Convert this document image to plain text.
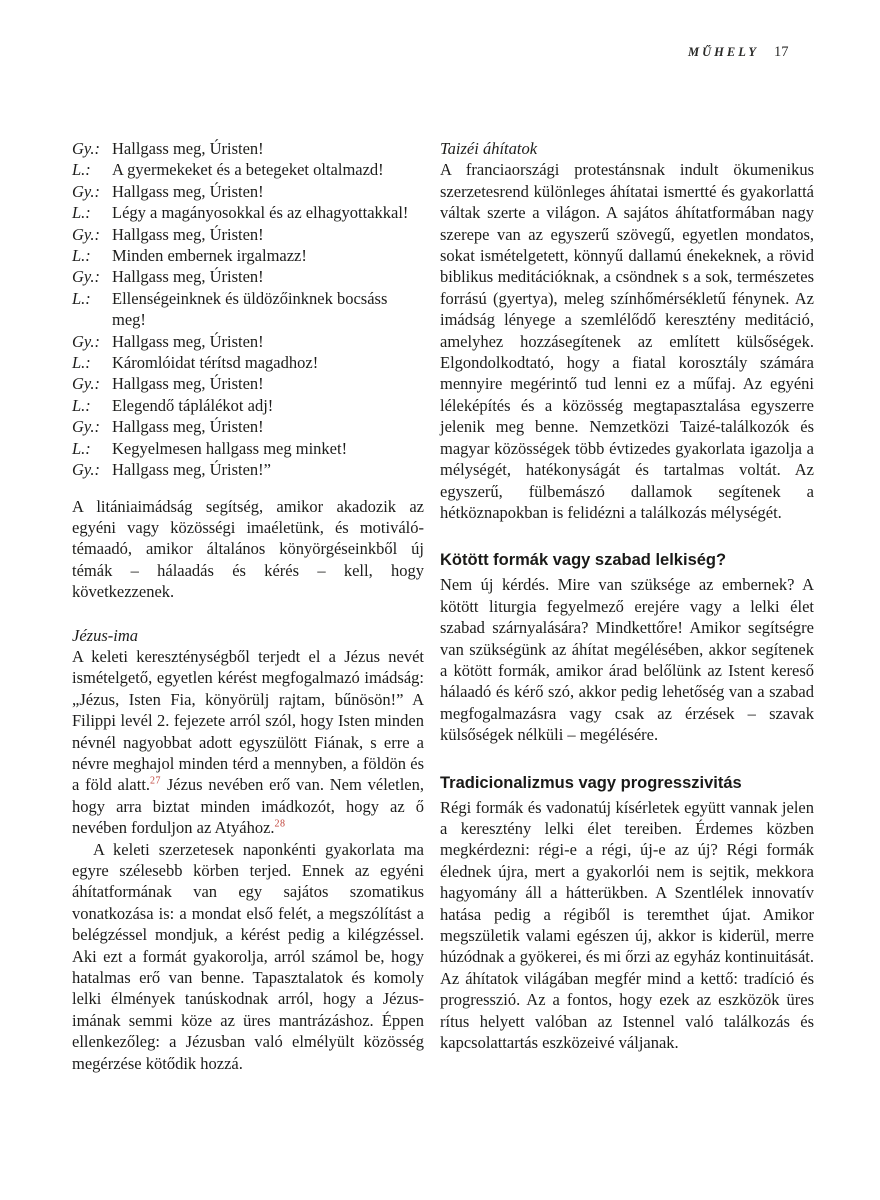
MŰHELY 17
Gy.: Hallgass meg, Úristen!
L.:	A gyermekeket és a betegeket oltalmazd!
Gy.: Hallgass meg, Úristen!
L.:	Légy a magányosokkal és az elhagyottakkal!
Gy.: Hallgass meg, Úristen!
L.:	Minden embernek irgalmazz!
Gy.: Hallgass meg, Úristen!
L.:	Ellenségeinknek és üldözőinknek bocsáss meg!
Gy.: Hallgass meg, Úristen!
L.:	Káromlóidat térítsd magadhoz!
Gy.: Hallgass meg, Úristen!
L.:	Elegendő táplálékot adj!
Gy.: Hallgass meg, Úristen!
L.:	Kegyelmesen hallgass meg minket!
Gy.: Hallgass meg, Úristen!”

A litániaimádság segítség, amikor akadozik az egyéni vagy közösségi imaéletünk, és motiváló-témaadó, amikor általános könyörgéseinkből új témák – hálaadás és kérés – kell, hogy következzenek.

Jézus-ima

A keleti kereszténységből terjedt el a Jézus nevét ismételgető, egyetlen kérést megfogalmazó imádság: „Jézus, Isten Fia, könyörülj rajtam, bűnösön!” A Filippi levél 2. fejezete arról szól, hogy Isten minden névnél nagyobbat adott egyszülött Fiának, s erre a névre meghajol minden térd a mennyben, a földön és a föld alatt.$^{27}$ Jézus nevében erő van. Nem véletlen, hogy arra biztat minden imádkozót, hogy az ő nevében forduljon az Atyához.$^{28}$

A keleti szerzetesek naponkénti gyakorlata ma egyre szélesebb körben terjed. Ennek az egyéni áhítatformának van egy sajátos szomatikus vonatkozása is: a mondat első felét, a megszólítást a belégzéssel mondjuk, a kérést pedig a kilégzéssel. Aki ezt a formát gyakorolja, arról számol be, hogy hatalmas erő van benne. Tapasztalatok és komoly lelki élmények tanúskodnak arról, hogy a Jézus-imának semmi köze az üres mantrázáshoz. Éppen ellenkezőleg: a Jézusban való elmélyült közösség megérzése kötődik hozzá.

Taizéi áhítatok

A franciaországi protestánsnak indult ökumenikus szerzetesrend különleges áhítatai ismertté és gyakorlattá váltak szerte a világon. A sajátos áhítatformában nagy szerepe van az egyszerű szövegű, egyetlen mondatos, sokat ismételgetett, könnyű dallamú énekeknek, a rövid biblikus meditációknak, a csöndnek s a sok, természetes forrású (gyertya), meleg színhőmérsékletű fénynek. Az imádság lényege a szemlélődő keresztény meditáció, amelyhez hozzásegítenek az említett külsőségek. Elgondolkodtató, hogy a fiatal korosztály számára mennyire megérintő tud lenni ez a műfaj. Az egyéni léleképítés és a közösség megtapasztalása egyszerre jelenik meg benne. Nemzetközi Taizé-találkozók és magyar közösségek több évtizedes gyakorlata igazolja a mélységét, hatékonyságát és tartalmas voltát. Az egyszerű, fülbemászó dallamok segítenek a hétköznapokban is felidézni a találkozás mélységét.

Kötött formák vagy szabad lelkiség?

Nem új kérdés. Mire van szüksége az embernek? A kötött liturgia fegyelmező erejére vagy a lelki élet szabad szárnyalására? Mindkettőre! Amikor segítségre van szükségünk az áhítat megélésében, akkor segítenek a kötött formák, amikor árad belőlünk az Istent kereső hálaadó és kérő szó, akkor pedig lehetőség van a szabad megfogalmazásra vagy csak az érzések – szavak külsőségek nélküli – megélésére.

Tradicionalizmus vagy progresszivitás

Régi formák és vadonatúj kísérletek együtt vannak jelen a keresztény lelki élet tereiben. Érdemes közben megkérdezni: régi-e a régi, új-e az új? Régi formák élednek újra, mert a gyakorlói nem is sejtik, mekkora hagyomány áll a hátterükben. A Szentlélek innovatív hatása pedig a régiből is teremthet újat. Amikor megszületik valami egészen új, akkor is kiderül, merre húzódnak a gyökerei, és mi őrzi az egyház kontinuitását. Az áhítatok világában megfér mind a kettő: tradíció és progresszió. Az a fontos, hogy ezek az eszközök üres rítus helyett valóban az Istennel való találkozás és kapcsolattartás eszközeivé váljanak.
